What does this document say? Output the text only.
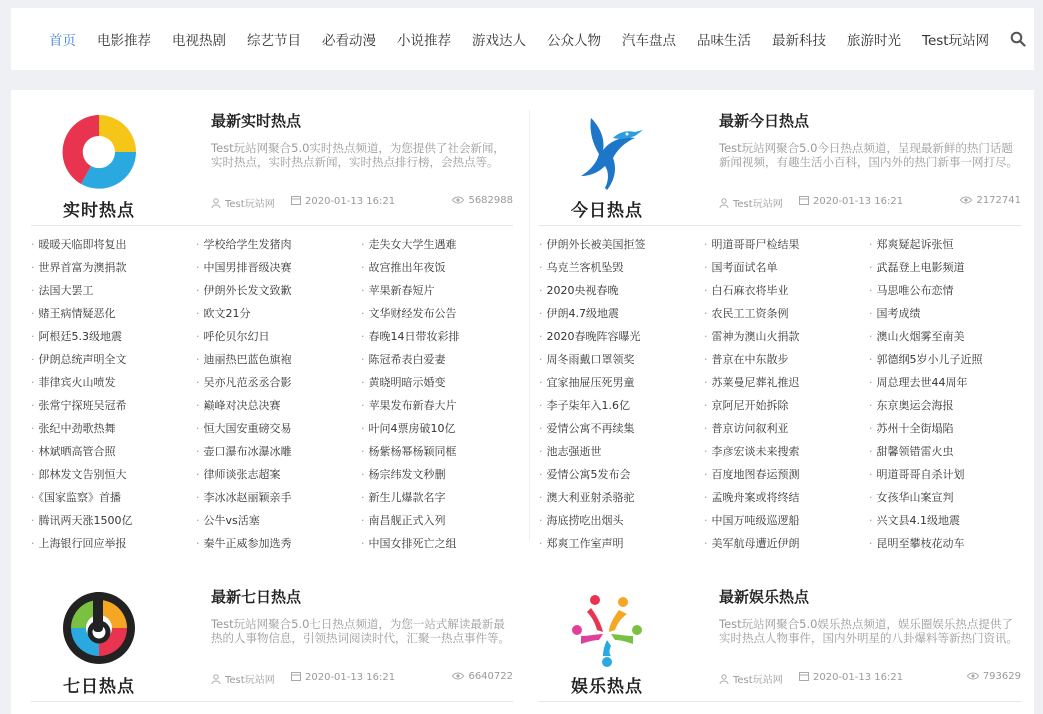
首页 电影推荐 电视热剧 综艺节目 必看动漫 小说推荐 游戏达人 公众人物 汽车盘点 品味生活 最新科技 旅游时光 Test玩站网
实时热点
最新实时热点
Test玩站网聚合5.0实时热点频道，为您提供了社会新闻，实时热点，实时热点新闻，实时热点排行榜，会热点等。
Test玩站网	2020-01-13 16:21	5682988
· 暖暖天临即将复出	· 学校给学生发猪肉	· 走失女大学生遇难
· 世界首富为澳捐款	· 中国男排晋级决赛	· 故宫推出年夜饭
· 法国大罢工	· 伊朗外长发文致歉	· 苹果新春短片
· 赌王病情疑恶化	· 欧文21分	· 文华财经发布公告
· 阿根廷5.3级地震	· 呼伦贝尔幻日	· 春晚14日带妆彩排
· 伊朗总统声明全文	· 迪丽热巴蓝色旗袍	· 陈冠希表白爱妻
· 菲律宾火山喷发	· 吴亦凡范丞丞合影	· 黄晓明暗示婚变
· 张常宁探班吴冠希	· 巅峰对决总决赛	· 苹果发布新春大片
· 张纪中劲歌热舞	· 恒大国安重磅交易	· 叶问4票房破10亿
· 林斌晒高管合照	· 壶口瀑布冰瀑冰雕	· 杨紫杨幂杨颖同框
· 郎林发文告别恒大	· 律师谈张志超案	· 杨宗纬发文秒删
· 《国家监察》首播	· 李冰冰赵丽颖亲手	· 新生儿爆款名字
· 腾讯两天涨1500亿	· 公牛vs活塞	· 南昌舰正式入列
· 上海银行回应举报	· 秦牛正威参加选秀	· 中国女排死亡之组
今日热点
最新今日热点
Test玩站网聚合5.0今日热点频道，呈现最新鲜的热门话题新闻视频，有趣生活小百科，国内外的热门新事一网打尽。
Test玩站网	2020-01-13 16:21	2172741
· 伊朗外长被美国拒签	· 明道哥哥尸检结果	· 郑爽疑起诉张恒
· 乌克兰客机坠毁	· 国考面试名单	· 武磊登上电影频道
· 2020央视春晚	· 白石麻衣将毕业	· 马思唯公布恋情
· 伊朗4.7级地震	· 农民工工资条例	· 国考成绩
· 2020春晚阵容曝光	· 雷神为澳山火捐款	· 澳山火烟雾至南美
· 周冬雨戴口罩领奖	· 普京在中东散步	· 郭德纲5岁小儿子近照
· 宜家抽屉压死男童	· 苏莱曼尼葬礼推迟	· 周总理去世44周年
· 李子柒年入1.6亿	· 京阿尼开始拆除	· 东京奥运会海报
· 爱情公寓不再续集	· 普京访问叙利亚	· 苏州十全街塌陷
· 池志强逝世	· 李彦宏谈未来搜索	· 甜馨领错雷火虫
· 爱情公寓5发布会	· 百度地图春运预测	· 明道哥哥自杀计划
· 澳大利亚射杀骆驼	· 孟晚舟案或将终结	· 女孩华山案宣判
· 海底捞吃出烟头	· 中国万吨级巡逻船	· 兴文县4.1级地震
· 郑爽工作室声明	· 美军航母遭近伊朗	· 昆明至攀枝花动车
七日热点
最新七日热点
Test玩站网聚合5.0七日热点频道，为您一站式解读最新最热的人事物信息，引领热词阅读时代，汇聚一热点事件等。
Test玩站网	2020-01-13 16:21	6640722
娱乐热点
最新娱乐热点
Test玩站网聚合5.0娱乐热点频道，娱乐圈娱乐热点提供了实时热点人物事件，国内外明星的八卦爆料等新热门资讯。
Test玩站网	2020-01-13 16:21	793629
